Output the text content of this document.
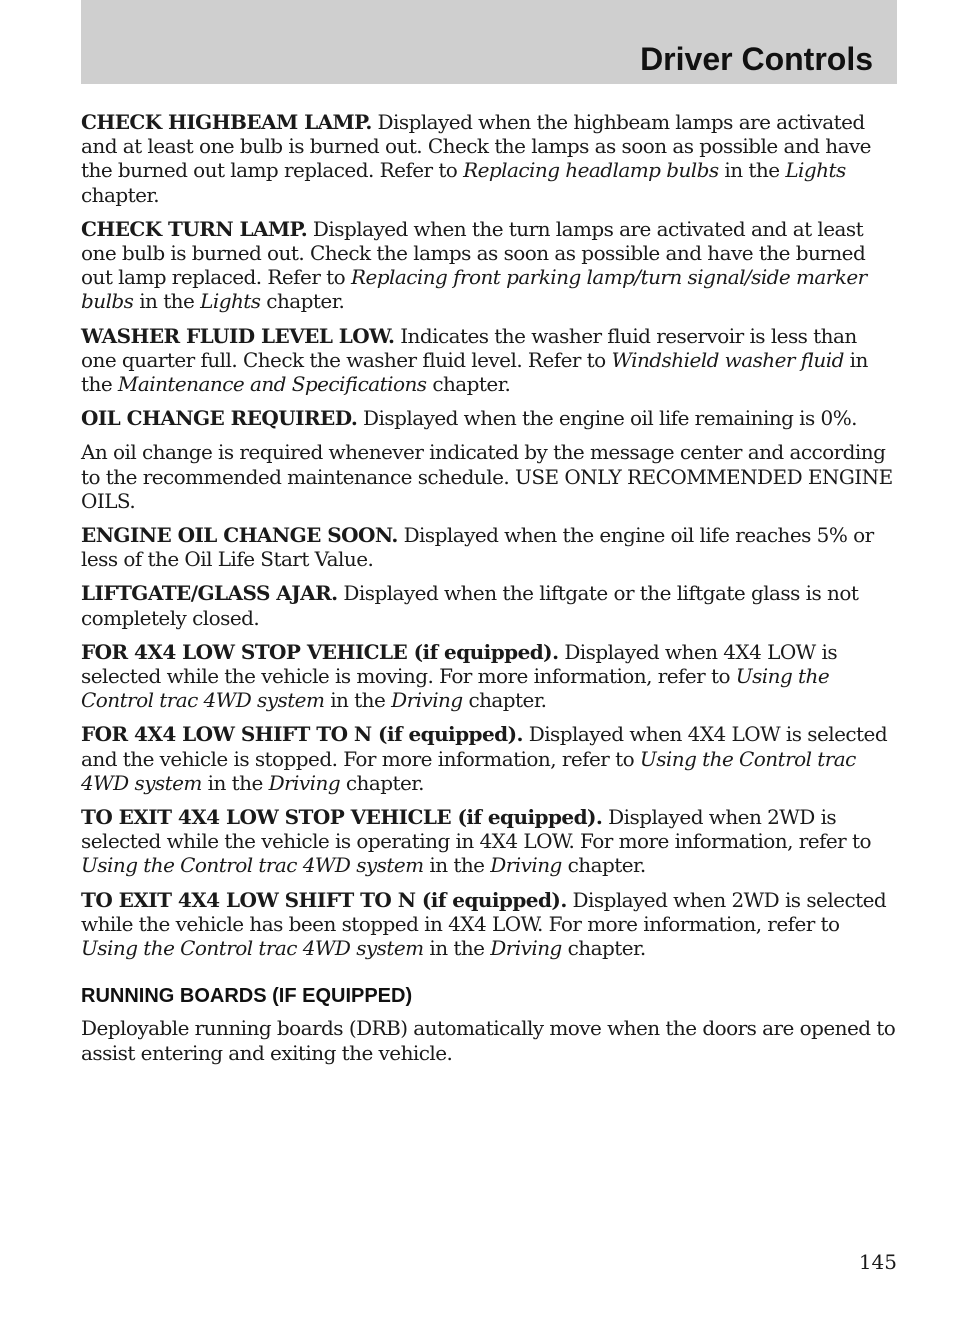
Driver Controls

CHECK HIGHBEAM LAMP. Displayed when the highbeam lamps are activated and at least one bulb is burned out. Check the lamps as soon as possible and have the burned out lamp replaced. Refer to Replacing headlamp bulbs in the Lights chapter.

CHECK TURN LAMP. Displayed when the turn lamps are activated and at least one bulb is burned out. Check the lamps as soon as possible and have the burned out lamp replaced. Refer to Replacing front parking lamp/turn signal/side marker bulbs in the Lights chapter.

WASHER FLUID LEVEL LOW. Indicates the washer fluid reservoir is less than one quarter full. Check the washer fluid level. Refer to Windshield washer fluid in the Maintenance and Specifications chapter.

OIL CHANGE REQUIRED. Displayed when the engine oil life remaining is 0%.

An oil change is required whenever indicated by the message center and according to the recommended maintenance schedule. USE ONLY RECOMMENDED ENGINE OILS.

ENGINE OIL CHANGE SOON. Displayed when the engine oil life reaches 5% or less of the Oil Life Start Value.

LIFTGATE/GLASS AJAR. Displayed when the liftgate or the liftgate glass is not completely closed.

FOR 4X4 LOW STOP VEHICLE (if equipped). Displayed when 4X4 LOW is selected while the vehicle is moving. For more information, refer to Using the Control trac 4WD system in the Driving chapter.

FOR 4X4 LOW SHIFT TO N (if equipped). Displayed when 4X4 LOW is selected and the vehicle is stopped. For more information, refer to Using the Control trac 4WD system in the Driving chapter.

TO EXIT 4X4 LOW STOP VEHICLE (if equipped). Displayed when 2WD is selected while the vehicle is operating in 4X4 LOW. For more information, refer to Using the Control trac 4WD system in the Driving chapter.

TO EXIT 4X4 LOW SHIFT TO N (if equipped). Displayed when 2WD is selected while the vehicle has been stopped in 4X4 LOW. For more information, refer to Using the Control trac 4WD system in the Driving chapter.

RUNNING BOARDS (IF EQUIPPED)

Deployable running boards (DRB) automatically move when the doors are opened to assist entering and exiting the vehicle.

145
